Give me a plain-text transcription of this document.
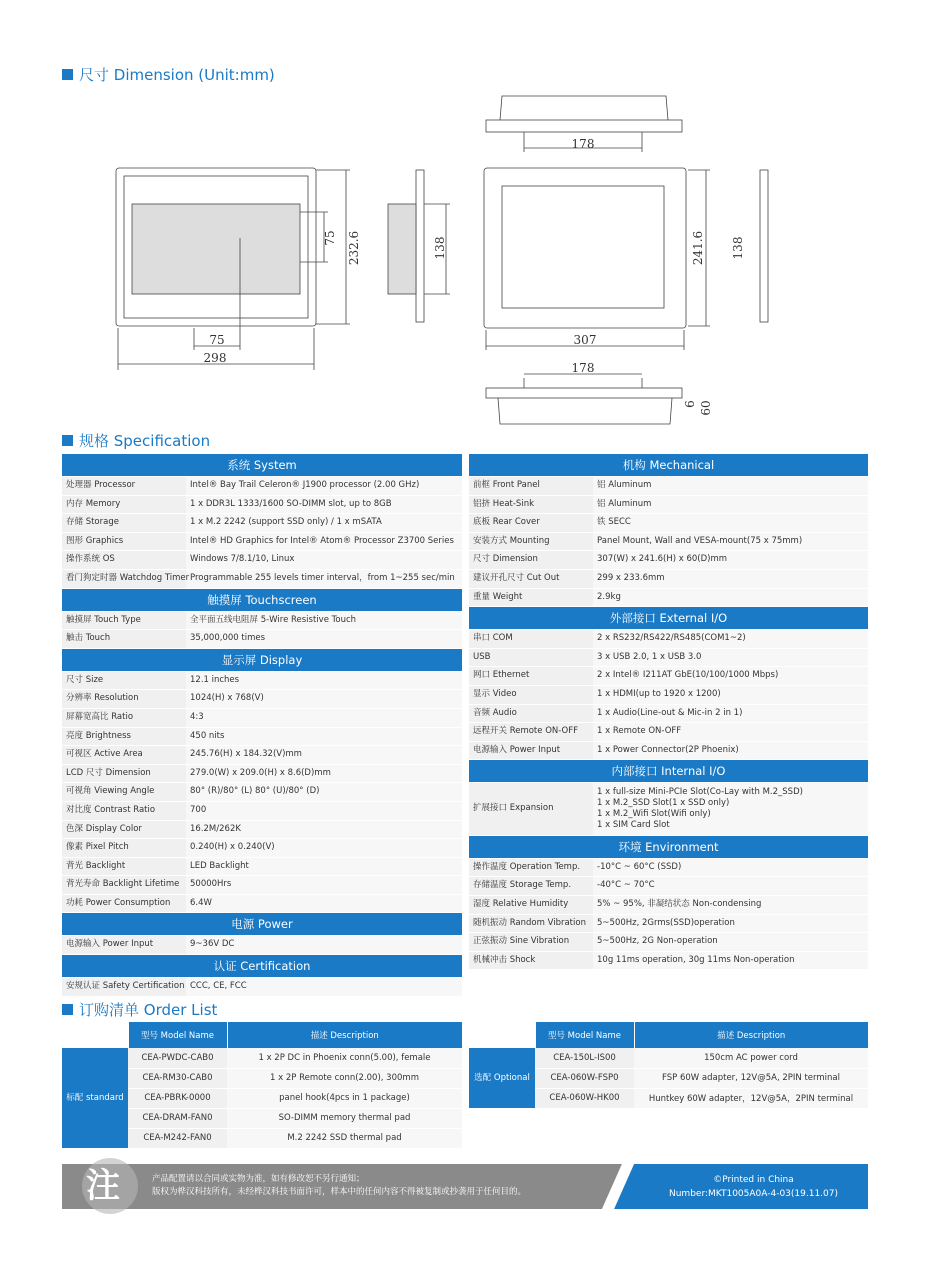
尺寸 Dimension (Unit:mm)
178
298
75	307
178
232.6
75	138	241.6 138
6 60
规格 Specification
系统 System
处理器 Processor	Intel® Bay Trail Celeron® J1900 processor (2.00 GHz)
内存 Memory	1 x DDR3L 1333/1600 SO-DIMM slot, up to 8GB
存储 Storage	1 x M.2 2242 (support SSD only) / 1 x mSATA
图形 Graphics	Intel® HD Graphics for Intel® Atom® Processor Z3700 Series
操作系统 OS	Windows 7/8.1/10, Linux
看门狗定时器 Watchdog Timer	Programmable 255 levels timer interval，from 1~255 sec/min
触摸屏 Touchscreen
触摸屏 Touch Type	全平面五线电阻屏 5-Wire Resistive Touch
触击 Touch	35,000,000 times
显示屏 Display
尺寸 Size	12.1 inches
分辨率 Resolution	1024(H) x 768(V)
屏幕宽高比 Ratio	4:3
亮度 Brightness	450 nits
可视区 Active Area	245.76(H) x 184.32(V)mm
LCD 尺寸 Dimension	279.0(W) x 209.0(H) x 8.6(D)mm
可视角 Viewing Angle	80° (R)/80° (L) 80° (U)/80° (D)
对比度 Contrast Ratio	700
色深 Display Color	16.2M/262K
像素 Pixel Pitch	0.240(H) x 0.240(V)
背光 Backlight	LED Backlight
背光寿命 Backlight Lifetime	50000Hrs
功耗 Power Consumption	6.4W
电源 Power
电源输入 Power Input	9~36V DC
认证 Certification
安规认证 Safety Certification	CCC, CE, FCC
机构 Mechanical
前框 Front Panel	铝 Aluminum
铝挤 Heat-Sink	铝 Aluminum
底板 Rear Cover	铁 SECC
安装方式 Mounting	Panel Mount, Wall and VESA-mount(75 x 75mm)
尺寸 Dimension	307(W) x 241.6(H) x 60(D)mm
建议开孔尺寸 Cut Out	299 x 233.6mm
重量 Weight	2.9kg
外部接口 External I/O
串口 COM	2 x RS232/RS422/RS485(COM1~2)
USB	3 x USB 2.0, 1 x USB 3.0
网口 Ethernet	2 x Intel® I211AT GbE(10/100/1000 Mbps)
显示 Video	1 x HDMI(up to 1920 x 1200)
音频 Audio	1 x Audio(Line-out & Mic-in 2 in 1)
远程开关 Remote ON-OFF	1 x Remote ON-OFF
电源输入 Power Input	1 x Power Connector(2P Phoenix)
内部接口 Internal I/O
扩展接口 Expansion	
1 x full-size Mini-PCIe Slot(Co-Lay with M.2_SSD)
1 x M.2_SSD Slot(1 x SSD only)
1 x M.2_Wifi Slot(Wifi only)
1 x SIM Card Slot
环境 Environment
操作温度 Operation Temp.	-10°C ~ 60°C (SSD)
存储温度 Storage Temp.	-40°C ~ 70°C
湿度 Relative Humidity	5% ~ 95%, 非凝结状态 Non-condensing
随机振动 Random Vibration	5~500Hz, 2Grms(SSD)operation
正弦振动 Sine Vibration	5~500Hz, 2G Non-operation
机械冲击 Shock	10g 11ms operation, 30g 11ms Non-operation
订购清单 Order List
	型号 Model Name	描述 Description
标配 standard	CEA-PWDC-CAB0	1 x 2P DC in Phoenix conn(5.00), female
	CEA-RM30-CAB0	1 x 2P Remote conn(2.00), 300mm
	CEA-PBRK-0000	panel hook(4pcs in 1 package)
	CEA-DRAM-FAN0	SO-DIMM memory thermal pad
	CEA-M242-FAN0	M.2 2242 SSD thermal pad
	型号 Model Name	描述 Description
选配 Optional	CEA-150L-IS00	150cm AC power cord
	CEA-060W-FSP0	FSP 60W adapter, 12V@5A, 2PIN terminal
	CEA-060W-HK00	Huntkey 60W adapter，12V@5A，2PIN terminal
注	产品配置请以合同或实物为准，如有修改恕不另行通知；
版权为桦汉科技所有，未经桦汉科技书面许可，样本中的任何内容不得被复制或抄袭用于任何目的。
©Printed in China
Number:MKT1005A0A-4-03(19.11.07)
